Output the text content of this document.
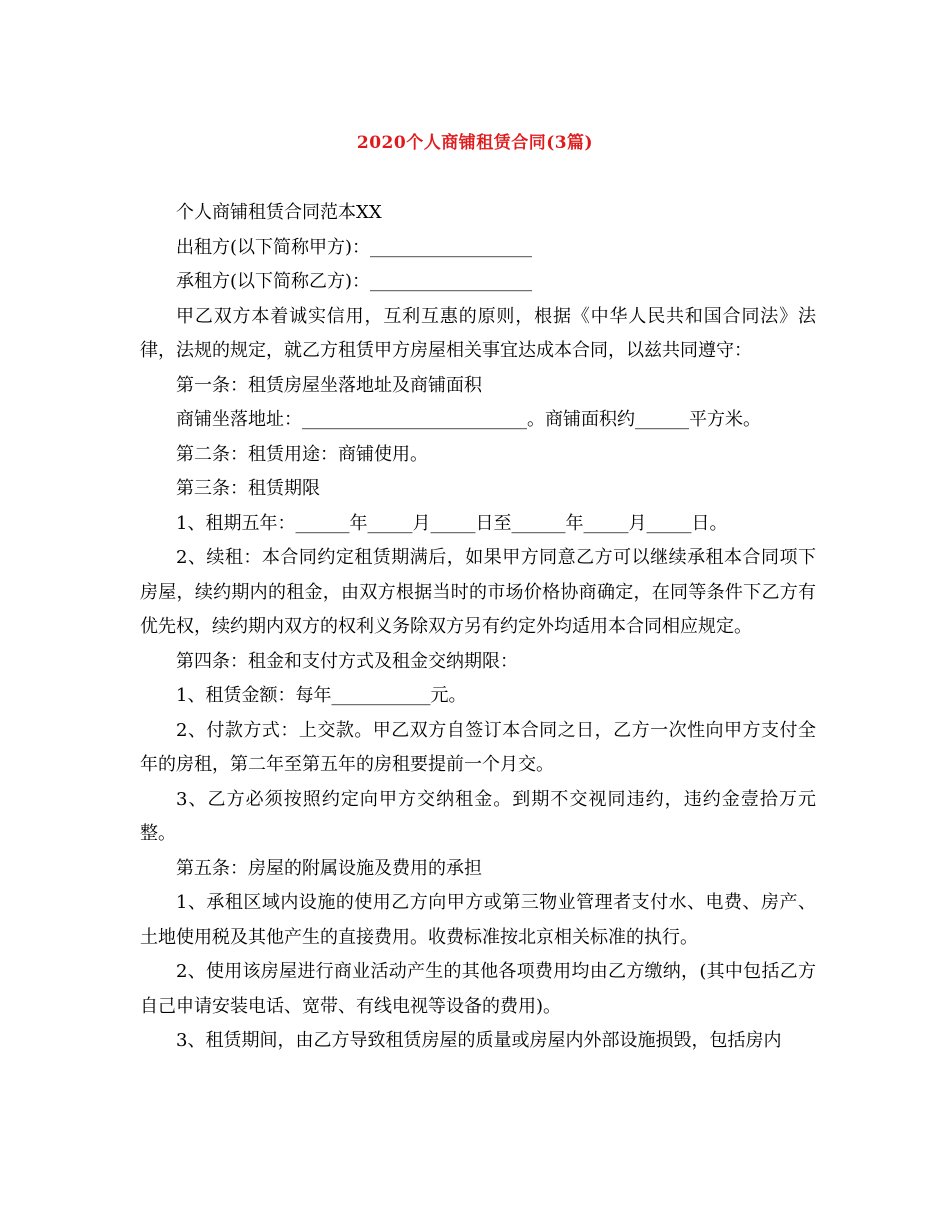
2020个人商铺租赁合同(3篇)

个人商铺租赁合同范本XX

出租方(以下简称甲方)：__________________

承租方(以下简称乙方)：__________________

甲乙双方本着诚实信用，互利互惠的原则，根据《中华人民共和国合同法》法律，法规的规定，就乙方租赁甲方房屋相关事宜达成本合同，以兹共同遵守：

第一条：租赁房屋坐落地址及商铺面积

商铺坐落地址：_________________________。商铺面积约______平方米。

第二条：租赁用途：商铺使用。

第三条：租赁期限

1、租期五年：______年_____月_____日至______年_____月_____日。

2、续租：本合同约定租赁期满后，如果甲方同意乙方可以继续承租本合同项下房屋，续约期内的租金，由双方根据当时的市场价格协商确定，在同等条件下乙方有优先权，续约期内双方的权利义务除双方另有约定外均适用本合同相应规定。

第四条：租金和支付方式及租金交纳期限：

1、租赁金额：每年___________元。

2、付款方式：上交款。甲乙双方自签订本合同之日，乙方一次性向甲方支付全年的房租，第二年至第五年的房租要提前一个月交。

3、乙方必须按照约定向甲方交纳租金。到期不交视同违约，违约金壹拾万元整。

第五条：房屋的附属设施及费用的承担

1、承租区域内设施的使用乙方向甲方或第三物业管理者支付水、电费、房产、土地使用税及其他产生的直接费用。收费标准按北京相关标准的执行。

2、使用该房屋进行商业活动产生的其他各项费用均由乙方缴纳，(其中包括乙方自己申请安装电话、宽带、有线电视等设备的费用)。

3、租赁期间，由乙方导致租赁房屋的质量或房屋内外部设施损毁，包括房内
